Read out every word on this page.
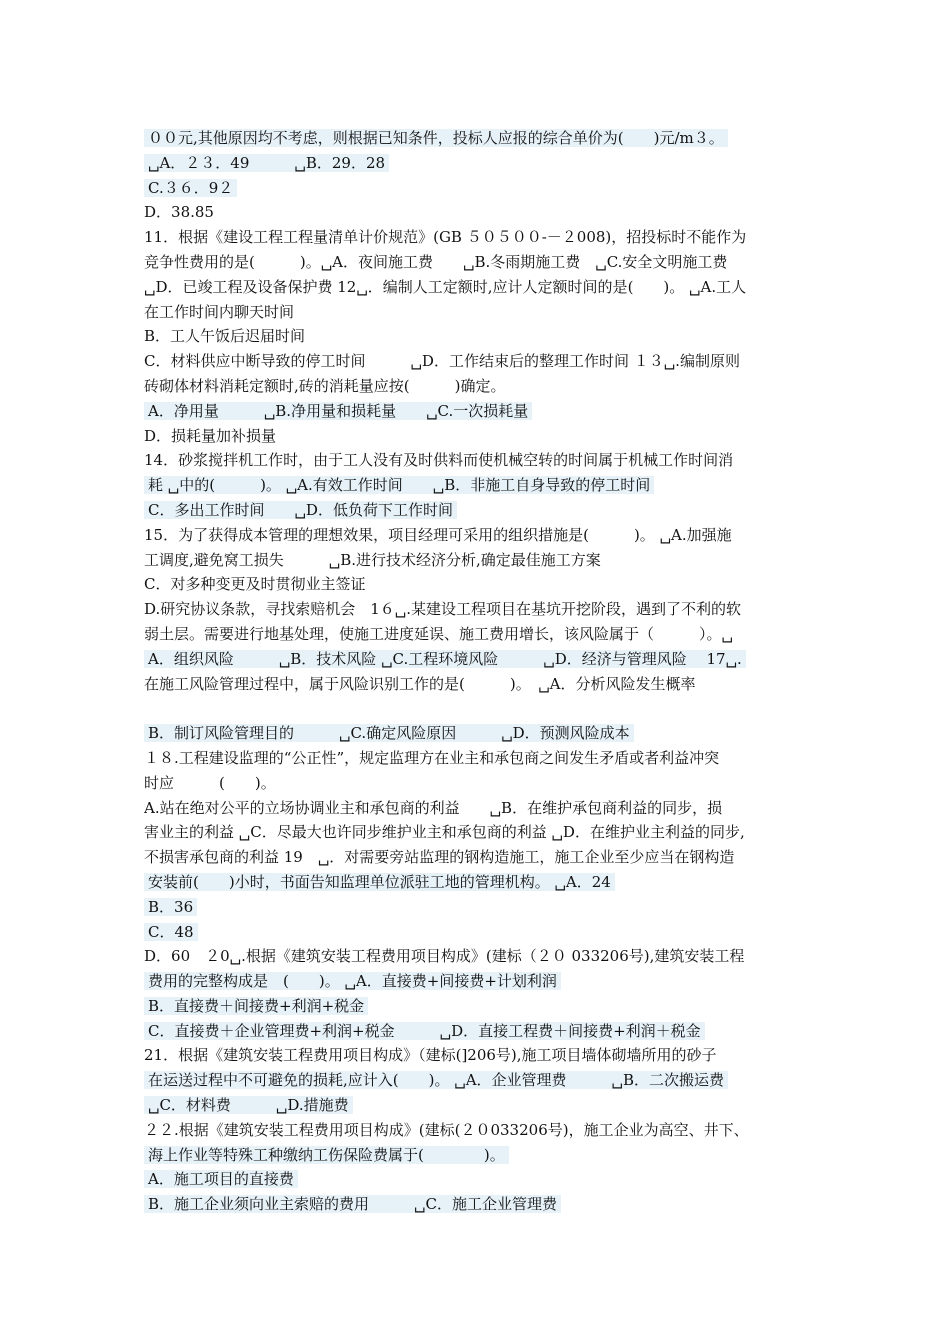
００元,其他原因均不考虑，则根据已知条件，投标人应报的综合单价为(　　)元/m３。
␣A．２３．49　　　␣B．29．28
C.３６．9２
D．38.85
11．根据《建设工程工程量清单计价规范》(GB ５０５００-－２008)，招投标时不能作为
竞争性费用的是(　　　)。␣A．夜间施工费　　␣B.冬雨期施工费　␣C.安全文明施工费
␣D．已竣工程及设备保护费 12␣．编制人工定额时,应计人定额时间的是(　　)。 ␣A.工人
在工作时间内聊天时间
B．工人午饭后迟届时间
C．材料供应中断导致的停工时间　　　␣D．工作结束后的整理工作时间 １３␣.编制原则
砖砌体材料消耗定额时,砖的消耗量应按(　　　)确定。
A．净用量　　　␣B.净用量和损耗量　　␣C.一次损耗量
D．损耗量加补损量
14．砂浆搅拌机工作时，由于工人没有及时供料而使机械空转的时间属于机械工作时间消
耗 ␣中的(　　　)。 ␣A.有效工作时间　　␣B．非施工自身导致的停工时间
C．多出工作时间　　␣D．低负荷下工作时间
15．为了获得成本管理的理想效果，项目经理可采用的组织措施是(　　　)。 ␣A.加强施
工调度,避免窝工损失　　　␣B.进行技术经济分析,确定最佳施工方案
C．对多种变更及时贯彻业主签证
D.研究协议条款，寻找索赔机会　1６␣.某建设工程项目在基坑开挖阶段，遇到了不利的软
弱土层。需要进行地基处理，使施工进度延误、施工费用增长，该风险属于（　　　）。␣
A．组织风险　　　␣B．技术风险 ␣C.工程环境风险　　　␣D．经济与管理风险　 17␣.
在施工风险管理过程中，属于风险识别工作的是(　　　)。　␣A．分析风险发生概率
B．制订风险管理目的　　　␣C.确定风险原因　　　␣D．预测风险成本
１８.工程建设监理的“公正性”，规定监理方在业主和承包商之间发生矛盾或者利益冲突
时应　　　(　　)。
A.站在绝对公平的立场协调业主和承包商的利益　　␣B．在维护承包商利益的同步，损
害业主的利益 ␣C．尽最大也许同步维护业主和承包商的利益 ␣D．在维护业主利益的同步,
不损害承包商的利益 19　␣．对需要旁站监理的钢构造施工，施工企业至少应当在钢构造
安装前(　　)小时，书面告知监理单位派驻工地的管理机构。 ␣A．24
B．36
C．48
D．60　２0␣.根据《建筑安装工程费用项目构成》(建标（２０ 033206号),建筑安装工程
费用的完整构成是　(　　)。 ␣A．直接费+间接费+计划利润
B．直接费＋间接费+利润+税金
C．直接费＋企业管理费+利润+税金　　　␣D．直接工程费＋间接费+利润＋税金
21．根据《建筑安装工程费用项目构成》（建标(]206号),施工项目墙体砌墙所用的砂子
在运送过程中不可避免的损耗,应计入(　　)。 ␣A．企业管理费　　　␣B．二次搬运费
␣C．材料费　　　␣D.措施费
２２.根据《建筑安装工程费用项目构成》(建标(２０033206号)，施工企业为高空、井下、
海上作业等特殊工种缴纳工伤保险费属于(　　　　)。
A．施工项目的直接费
B．施工企业须向业主索赔的费用　　　␣C．施工企业管理费
